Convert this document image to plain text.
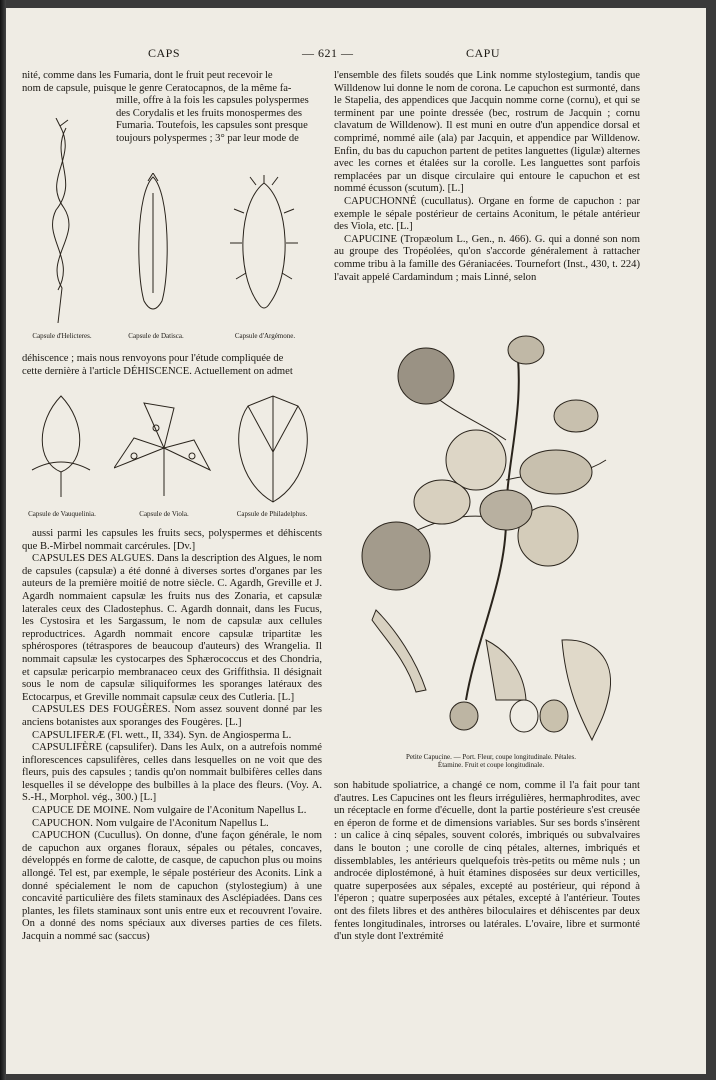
CAPS	— 621 —	CAPU

nité, comme dans les Fumaria, dont le fruit peut recevoir le

nom de capsule, puisque le genre Ceratocapnos, de la même fa-

mille, offre à la fois les capsules polyspermes

des Corydalis et les fruits monospermes des

Fumaria. Toutefois, les capsules sont presque

toujours polyspermes ; 3° par leur mode de

Capsule d'Helicteres.	Capsule de Datisca.	Capsule d'Argémone.

déhiscence ; mais nous renvoyons pour l'étude compliquée de

cette dernière à l'article DÉHISCENCE. Actuellement on admet

Capsule de Vauquelinia.	Capsule de Viola.	Capsule de Philadelphus.

aussi parmi les capsules les fruits secs, polyspermes et déhiscents que B.-Mirbel nommait carcérules. [Dv.]

CAPSULES DES ALGUES. Dans la description des Algues, le nom de capsules (capsulæ) a été donné à diverses sortes d'organes par les auteurs de la première moitié de notre siècle. C. Agardh, Greville et J. Agardh nommaient capsulæ les fruits nus des Zonaria, et capsulæ laterales ceux des Cladostephus. C. Agardh donnait, dans les Fucus, les Cystosira et les Sargassum, le nom de capsulæ aux cellules reproductrices. Agardh nommait encore capsulæ tripartitæ les sphérospores (tétraspores de beaucoup d'auteurs) des Wrangelia. Il nommait capsulæ les cystocarpes des Sphærococcus et des Chondria, et capsulæ pericarpio membranaceo ceux des Griffithsia. Il désignait sous le nom de capsulæ siliquiformes les sporanges latéraux des Ectocarpus, et Greville nommait capsulæ ceux des Cutleria. [L.]

CAPSULES DES FOUGÈRES. Nom assez souvent donné par les anciens botanistes aux sporanges des Fougères. [L.]

CAPSULIFERÆ (Fl. wett., II, 334). Syn. de Angiosperma L.

CAPSULIFÈRE (capsulifer). Dans les Aulx, on a autrefois nommé inflorescences capsulifères, celles dans lesquelles on ne voit que des fleurs, puis des capsules ; tandis qu'on nommait bulbifères celles dans lesquelles il se développe des bulbilles à la place des fleurs. (Voy. A. S.-H., Morphol. vég., 300.) [L.]

CAPUCE DE MOINE. Nom vulgaire de l'Aconitum Napellus L.

CAPUCHON. Nom vulgaire de l'Aconitum Napellus L.

CAPUCHON (Cucullus). On donne, d'une façon générale, le nom de capuchon aux organes floraux, sépales ou pétales, concaves, développés en forme de calotte, de casque, de capuchon plus ou moins allongé. Tel est, par exemple, le sépale postérieur des Aconits. Link a donné spécialement le nom de capuchon (stylostegium) à une concavité particulière des filets staminaux des Asclépiadées. Dans ces plantes, les filets staminaux sont unis entre eux et recouvrent l'ovaire. On a donné des noms spéciaux aux diverses parties de ces filets. Jacquin a nommé sac (saccus)

l'ensemble des filets soudés que Link nomme stylostegium, tandis que Willdenow lui donne le nom de corona. Le capuchon est surmonté, dans le Stapelia, des appendices que Jacquin nomme corne (cornu), et qui se terminent par une pointe dressée (bec, rostrum de Jacquin ; cornu clavatum de Willdenow). Il est muni en outre d'un appendice dorsal et comprimé, nommé aile (ala) par Jacquin, et appendice par Willdenow. Enfin, du bas du capuchon partent de petites languettes (ligulæ) alternes avec les cornes et étalées sur la corolle. Les languettes sont parfois remplacées par un disque circulaire qui entoure le capuchon et est nommé écusson (scutum). [L.]

CAPUCHONNÉ (cucullatus). Organe en forme de capuchon : par exemple le sépale postérieur de certains Aconitum, le pétale antérieur des Viola, etc. [L.]

CAPUCINE (Tropæolum L., Gen., n. 466). G. qui a donné son nom au groupe des Tropéolées, qu'on s'accorde généralement à rattacher comme tribu à la famille des Géraniacées. Tournefort (Inst., 430, t. 224) l'avait appelé Cardamindum ; mais Linné, selon

Petite Capucine. — Port. Fleur, coupe longitudinale. Pétales.
Étamine. Fruit et coupe longitudinale.

son habitude spoliatrice, a changé ce nom, comme il l'a fait pour tant d'autres. Les Capucines ont les fleurs irrégulières, hermaphrodites, avec un réceptacle en forme d'écuelle, dont la partie postérieure s'est creusée en éperon de forme et de dimensions variables. Sur ses bords s'insèrent : un calice à cinq sépales, souvent colorés, imbriqués ou subvalvaires dans le bouton ; une corolle de cinq pétales, alternes, imbriqués et dissemblables, les antérieurs quelquefois très-petits ou même nuls ; un androcée diplostémoné, à huit étamines disposées sur deux verticilles, quatre superposées aux sépales, excepté au postérieur, qui répond à l'éperon ; quatre superposées aux pétales, excepté à l'antérieur. Toutes ont des filets libres et des anthères biloculaires et déhiscentes par deux fentes longitudinales, introrses ou latérales. L'ovaire, libre et surmonté d'un style dont l'extrémité
